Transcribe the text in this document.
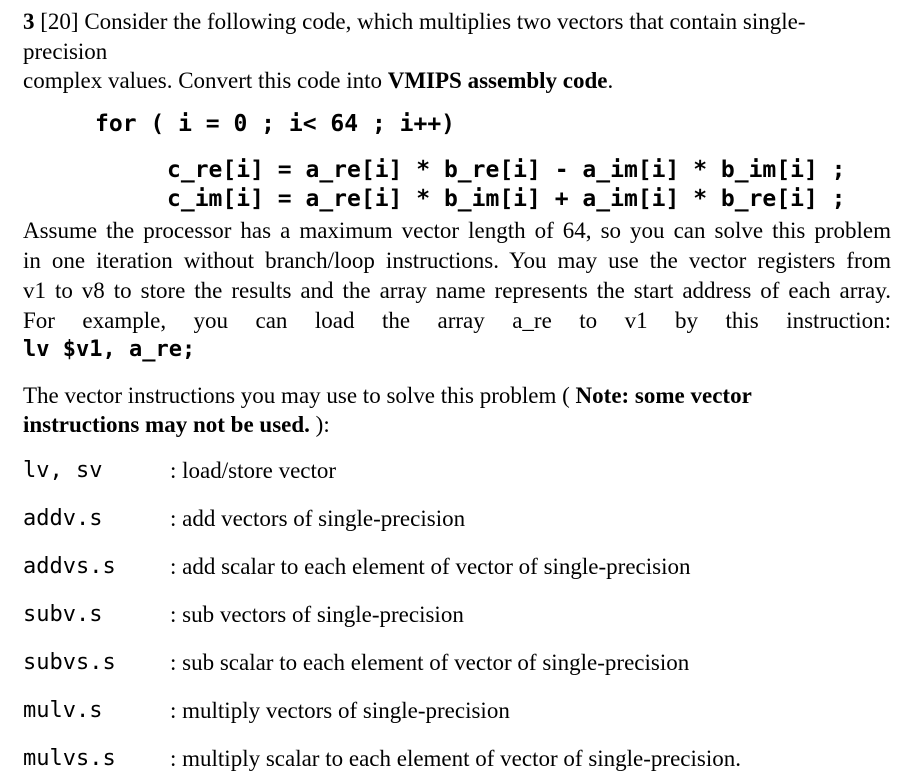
3 [20] Consider the following code, which multiplies two vectors that contain single-

precision

complex values. Convert this code into VMIPS assembly code.

for ( i = 0 ; i< 64 ; i++)
c_re[i] = a_re[i] * b_re[i] - a_im[i] * b_im[i] ;
c_im[i] = a_re[i] * b_im[i] + a_im[i] * b_re[i] ;

Assume the processor has a maximum vector length of 64, so you can solve this problem

in one iteration without branch/loop instructions. You may use the vector registers from

v1 to v8 to store the results and the array name represents the start address of each array.

For example, you can load the array a_re to v1 by this instruction:

lv $v1, a_re;

The vector instructions you may use to solve this problem ( Note: some vector

instructions may not be used. ):

lv, sv	: load/store vector
addv.s	: add vectors of single-precision
addvs.s : add scalar to each element of vector of single-precision
subv.s	: sub vectors of single-precision
subvs.s : sub scalar to each element of vector of single-precision
mulv.s	: multiply vectors of single-precision
mulvs.s : multiply scalar to each element of vector of single-precision.
